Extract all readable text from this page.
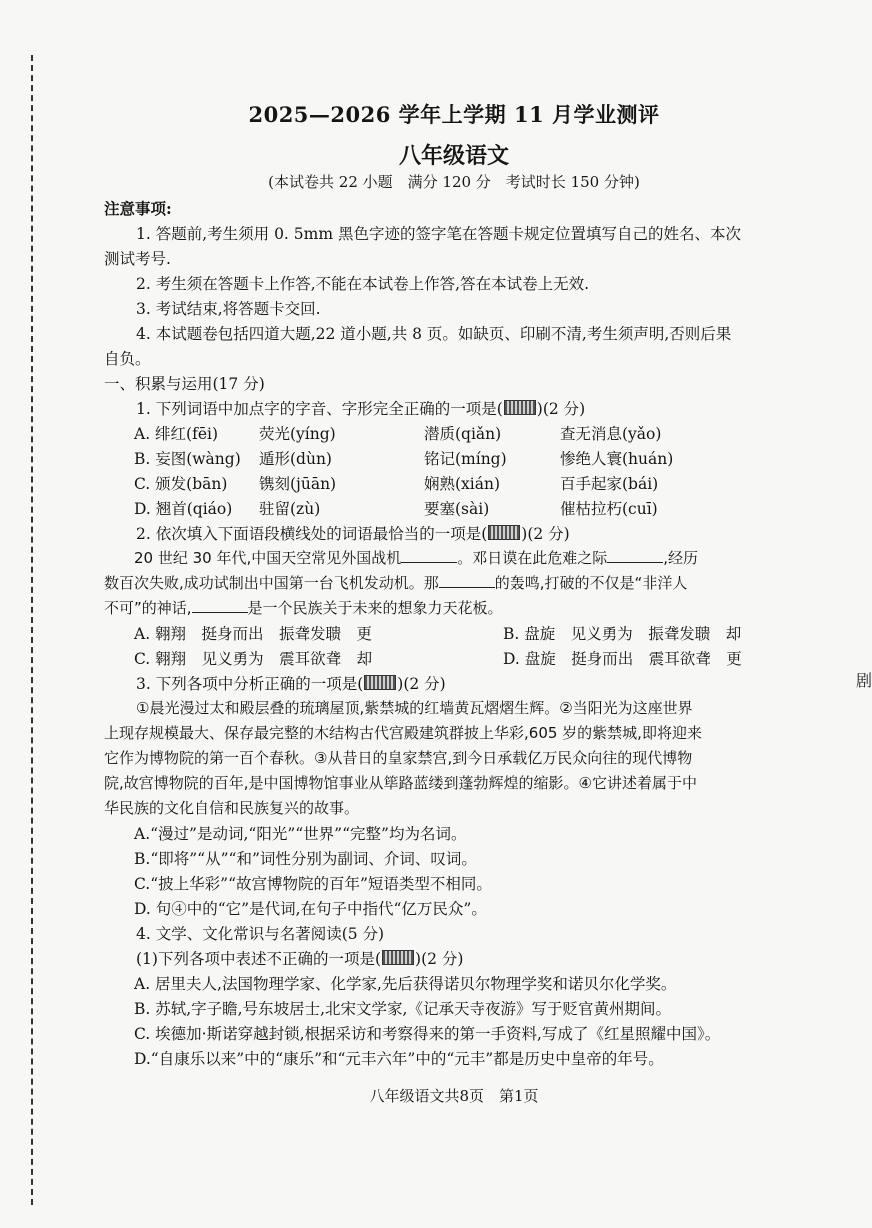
剧
2025—2026 学年上学期 11 月学业测评
八年级语文
(本试卷共 22 小题　满分 120 分　考试时长 150 分钟)
注意事项:
1. 答题前,考生须用 0. 5mm 黑色字迹的签字笔在答题卡规定位置填写自己的姓名、本次
测试考号.
2. 考生须在答题卡上作答,不能在本试卷上作答,答在本试卷上无效.
3. 考试结束,将答题卡交回.
4. 本试题卷包括四道大题,22 道小题,共 8 页。如缺页、印刷不清,考生须声明,否则后果
自负。
一、积累与运用(17 分)
1. 下列词语中加点字的字音、字形完全正确的一项是( )(2 分)
A. 绯红(fēi)	荧光(yíng)	潜质(qiǎn)	查无消息(yǎo)
B. 妄图(wàng) 遁形(dùn)	铭记(míng)	惨绝人寰(huán)
C. 颁发(bān) 镌刻(jūān)	娴熟(xián)	百手起家(bái)
D. 翘首(qiáo) 驻留(zù)	要塞(sài)	催枯拉朽(cuī)
2. 依次填入下面语段横线处的词语最恰当的一项是( )(2 分)
20 世纪 30 年代,中国天空常见外国战机	。邓日谟在此危难之际	,经历
数百次失败,成功试制出中国第一台飞机发动机。那	的轰鸣,打破的不仅是“非洋人
不可”的神话,	是一个民族关于未来的想象力天花板。
A. 翱翔　挺身而出　振聋发聩　更	B. 盘旋　见义勇为　振聋发聩　却
C. 翱翔　见义勇为　震耳欲聋　却	D. 盘旋　挺身而出　震耳欲聋　更
3. 下列各项中分析正确的一项是( )(2 分)
①晨光漫过太和殿层叠的琉璃屋顶,紫禁城的红墙黄瓦熠熠生辉。②当阳光为这座世界
上现存规模最大、保存最完整的木结构古代宫殿建筑群披上华彩,605 岁的紫禁城,即将迎来
它作为博物院的第一百个春秋。③从昔日的皇家禁宫,到今日承载亿万民众向往的现代博物
院,故宫博物院的百年,是中国博物馆事业从筚路蓝缕到蓬勃辉煌的缩影。④它讲述着属于中
华民族的文化自信和民族复兴的故事。
A.“漫过”是动词,“阳光”“世界”“完整”均为名词。
B.“即将”“从”“和”词性分别为副词、介词、叹词。
C.“披上华彩”“故宫博物院的百年”短语类型不相同。
D. 句④中的“它”是代词,在句子中指代“亿万民众”。
4. 文学、文化常识与名著阅读(5 分)
(1)下列各项中表述不正确的一项是( )(2 分)
A. 居里夫人,法国物理学家、化学家,先后获得诺贝尔物理学奖和诺贝尔化学奖。
B. 苏轼,字子瞻,号东坡居士,北宋文学家,《记承天寺夜游》写于贬官黄州期间。
C. 埃德加·斯诺穿越封锁,根据采访和考察得来的第一手资料,写成了《红星照耀中国》。
D.“自康乐以来”中的“康乐”和“元丰六年”中的“元丰”都是历史中皇帝的年号。
八年级语文共8页　第1页
